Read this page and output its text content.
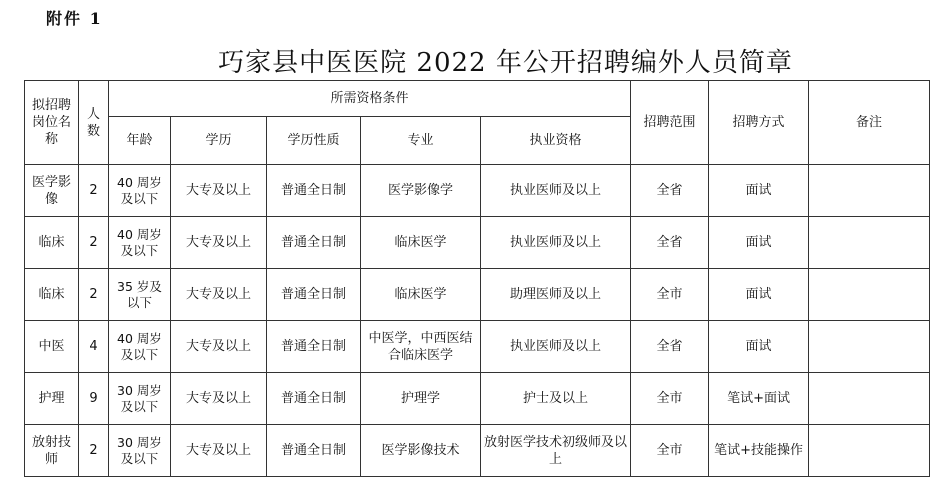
附件 1
巧家县中医医院 2022 年公开招聘编外人员简章
拟招聘岗位名称	人数	所需资格条件					招聘范围	招聘方式	备注
		年龄	学历	学历性质	专业	执业资格			
医学影像	2	40 周岁及以下	大专及以上	普通全日制	医学影像学	执业医师及以上	全省	面试	
临床	2	40 周岁及以下	大专及以上	普通全日制	临床医学	执业医师及以上	全省	面试	
临床	2	35 岁及以下	大专及以上	普通全日制	临床医学	助理医师及以上	全市	面试	
中医	4	40 周岁及以下	大专及以上	普通全日制	中医学，中西医结合临床医学	执业医师及以上	全省	面试	
护理	9	30 周岁及以下	大专及以上	普通全日制	护理学	护士及以上	全市	笔试+面试	
放射技师	2	30 周岁及以下	大专及以上	普通全日制	医学影像技术	放射医学技术初级师及以上	全市	笔试+技能操作	
